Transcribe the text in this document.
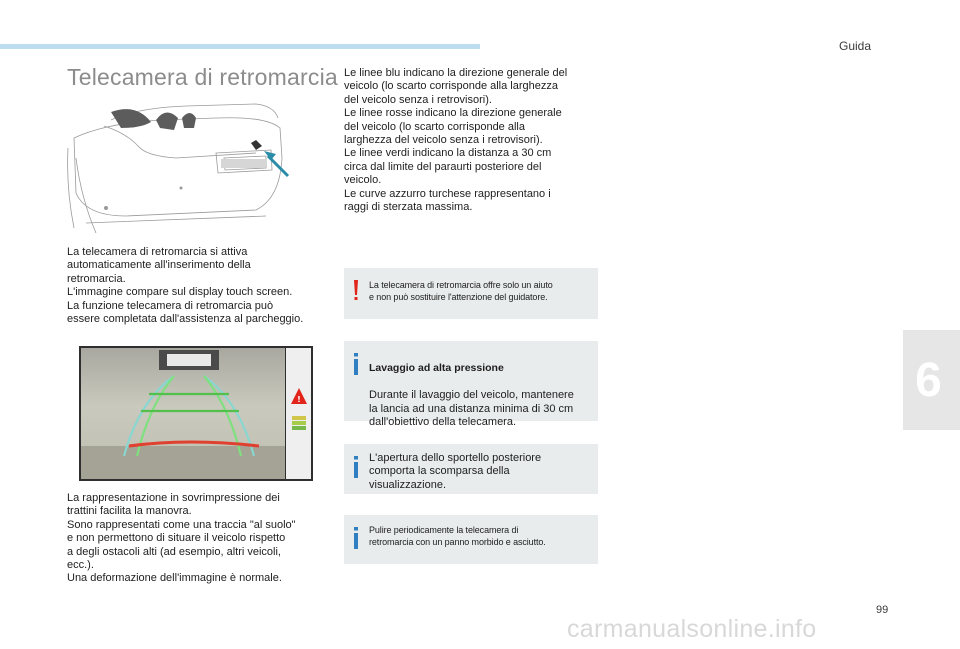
Guida
6
Telecamera di retromarcia

La telecamera di retromarcia si attiva
automaticamente all'inserimento della
retromarcia.
L'immagine compare sul display touch screen.
La funzione telecamera di retromarcia può
essere completata dall'assistenza al parcheggio.

!

La rappresentazione in sovrimpressione dei
trattini facilita la manovra.
Sono rappresentati come una traccia "al suolo"
e non permettono di situare il veicolo rispetto
a degli ostacoli alti (ad esempio, altri veicoli,
ecc.).
Una deformazione dell'immagine è normale.

Le linee blu indicano la direzione generale del
veicolo (lo scarto corrisponde alla larghezza
del veicolo senza i retrovisori).
Le linee rosse indicano la direzione generale
del veicolo (lo scarto corrisponde alla
larghezza del veicolo senza i retrovisori).
Le linee verdi indicano la distanza a 30 cm
circa dal limite del paraurti posteriore del
veicolo.
Le curve azzurro turchese rappresentano i
raggi di sterzata massima.

La telecamera di retromarcia offre solo un aiuto
e non può sostituire l'attenzione del guidatore.

Lavaggio ad alta pressione

Durante il lavaggio del veicolo, mantenere
la lancia ad una distanza minima di 30 cm
dall'obiettivo della telecamera.

L'apertura dello sportello posteriore
comporta la scomparsa della
visualizzazione.
Pulire periodicamente la telecamera di
retromarcia con un panno morbido e asciutto.
99
carmanualsonline.info
